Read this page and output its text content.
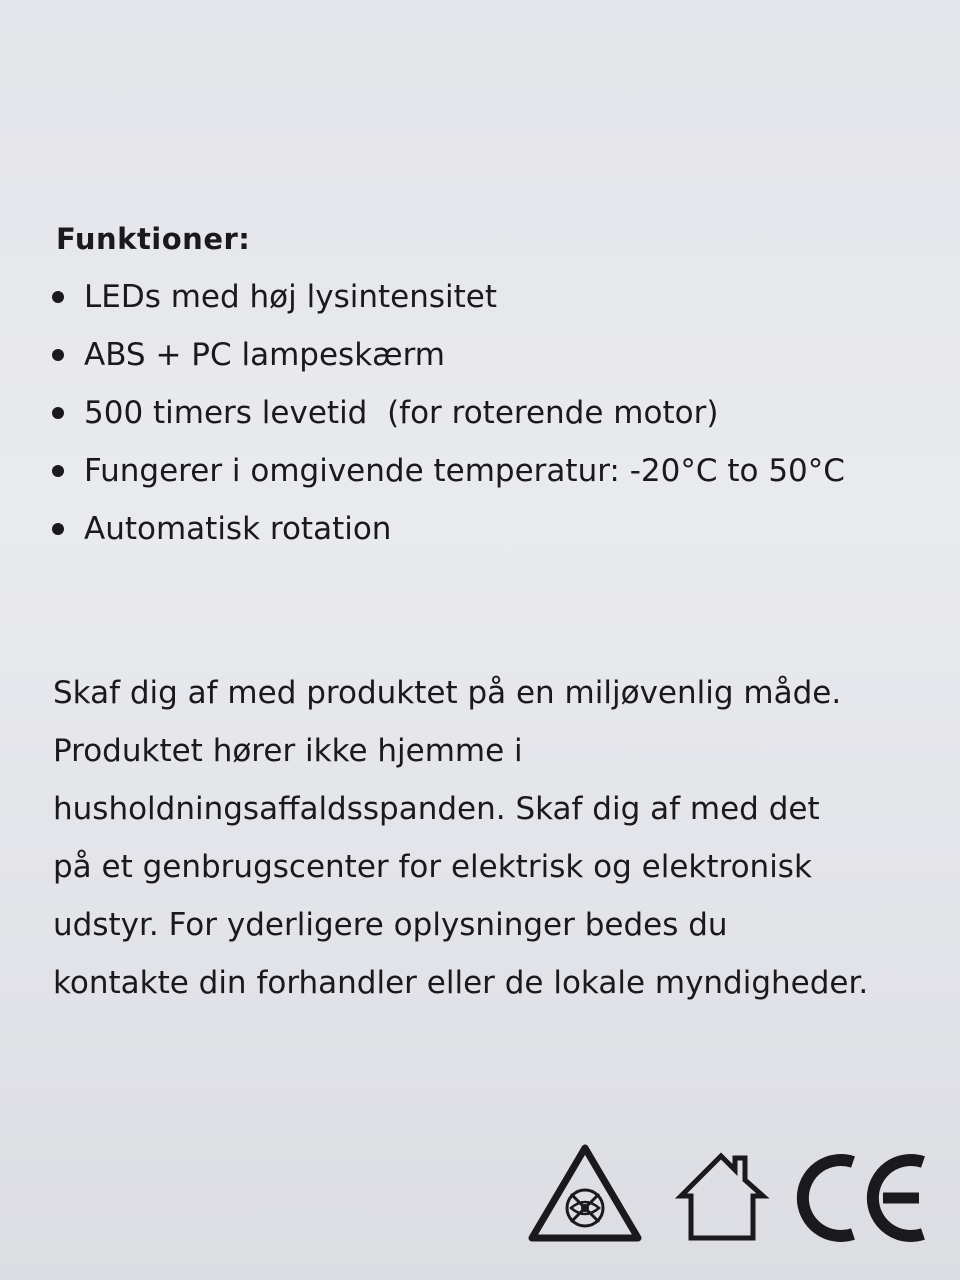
Funktioner:
LEDs med høj lysintensitet
ABS + PC lampeskærm
500 timers levetid  (for roterende motor)
Fungerer i omgivende temperatur: -20°C to 50°C
Automatisk rotation
Skaf dig af med produktet på en miljøvenlig måde.
Produktet hører ikke hjemme i
husholdningsaffaldsspanden. Skaf dig af med det
på et genbrugscenter for elektrisk og elektronisk
udstyr. For yderligere oplysninger bedes du
kontakte din forhandler eller de lokale myndigheder.
